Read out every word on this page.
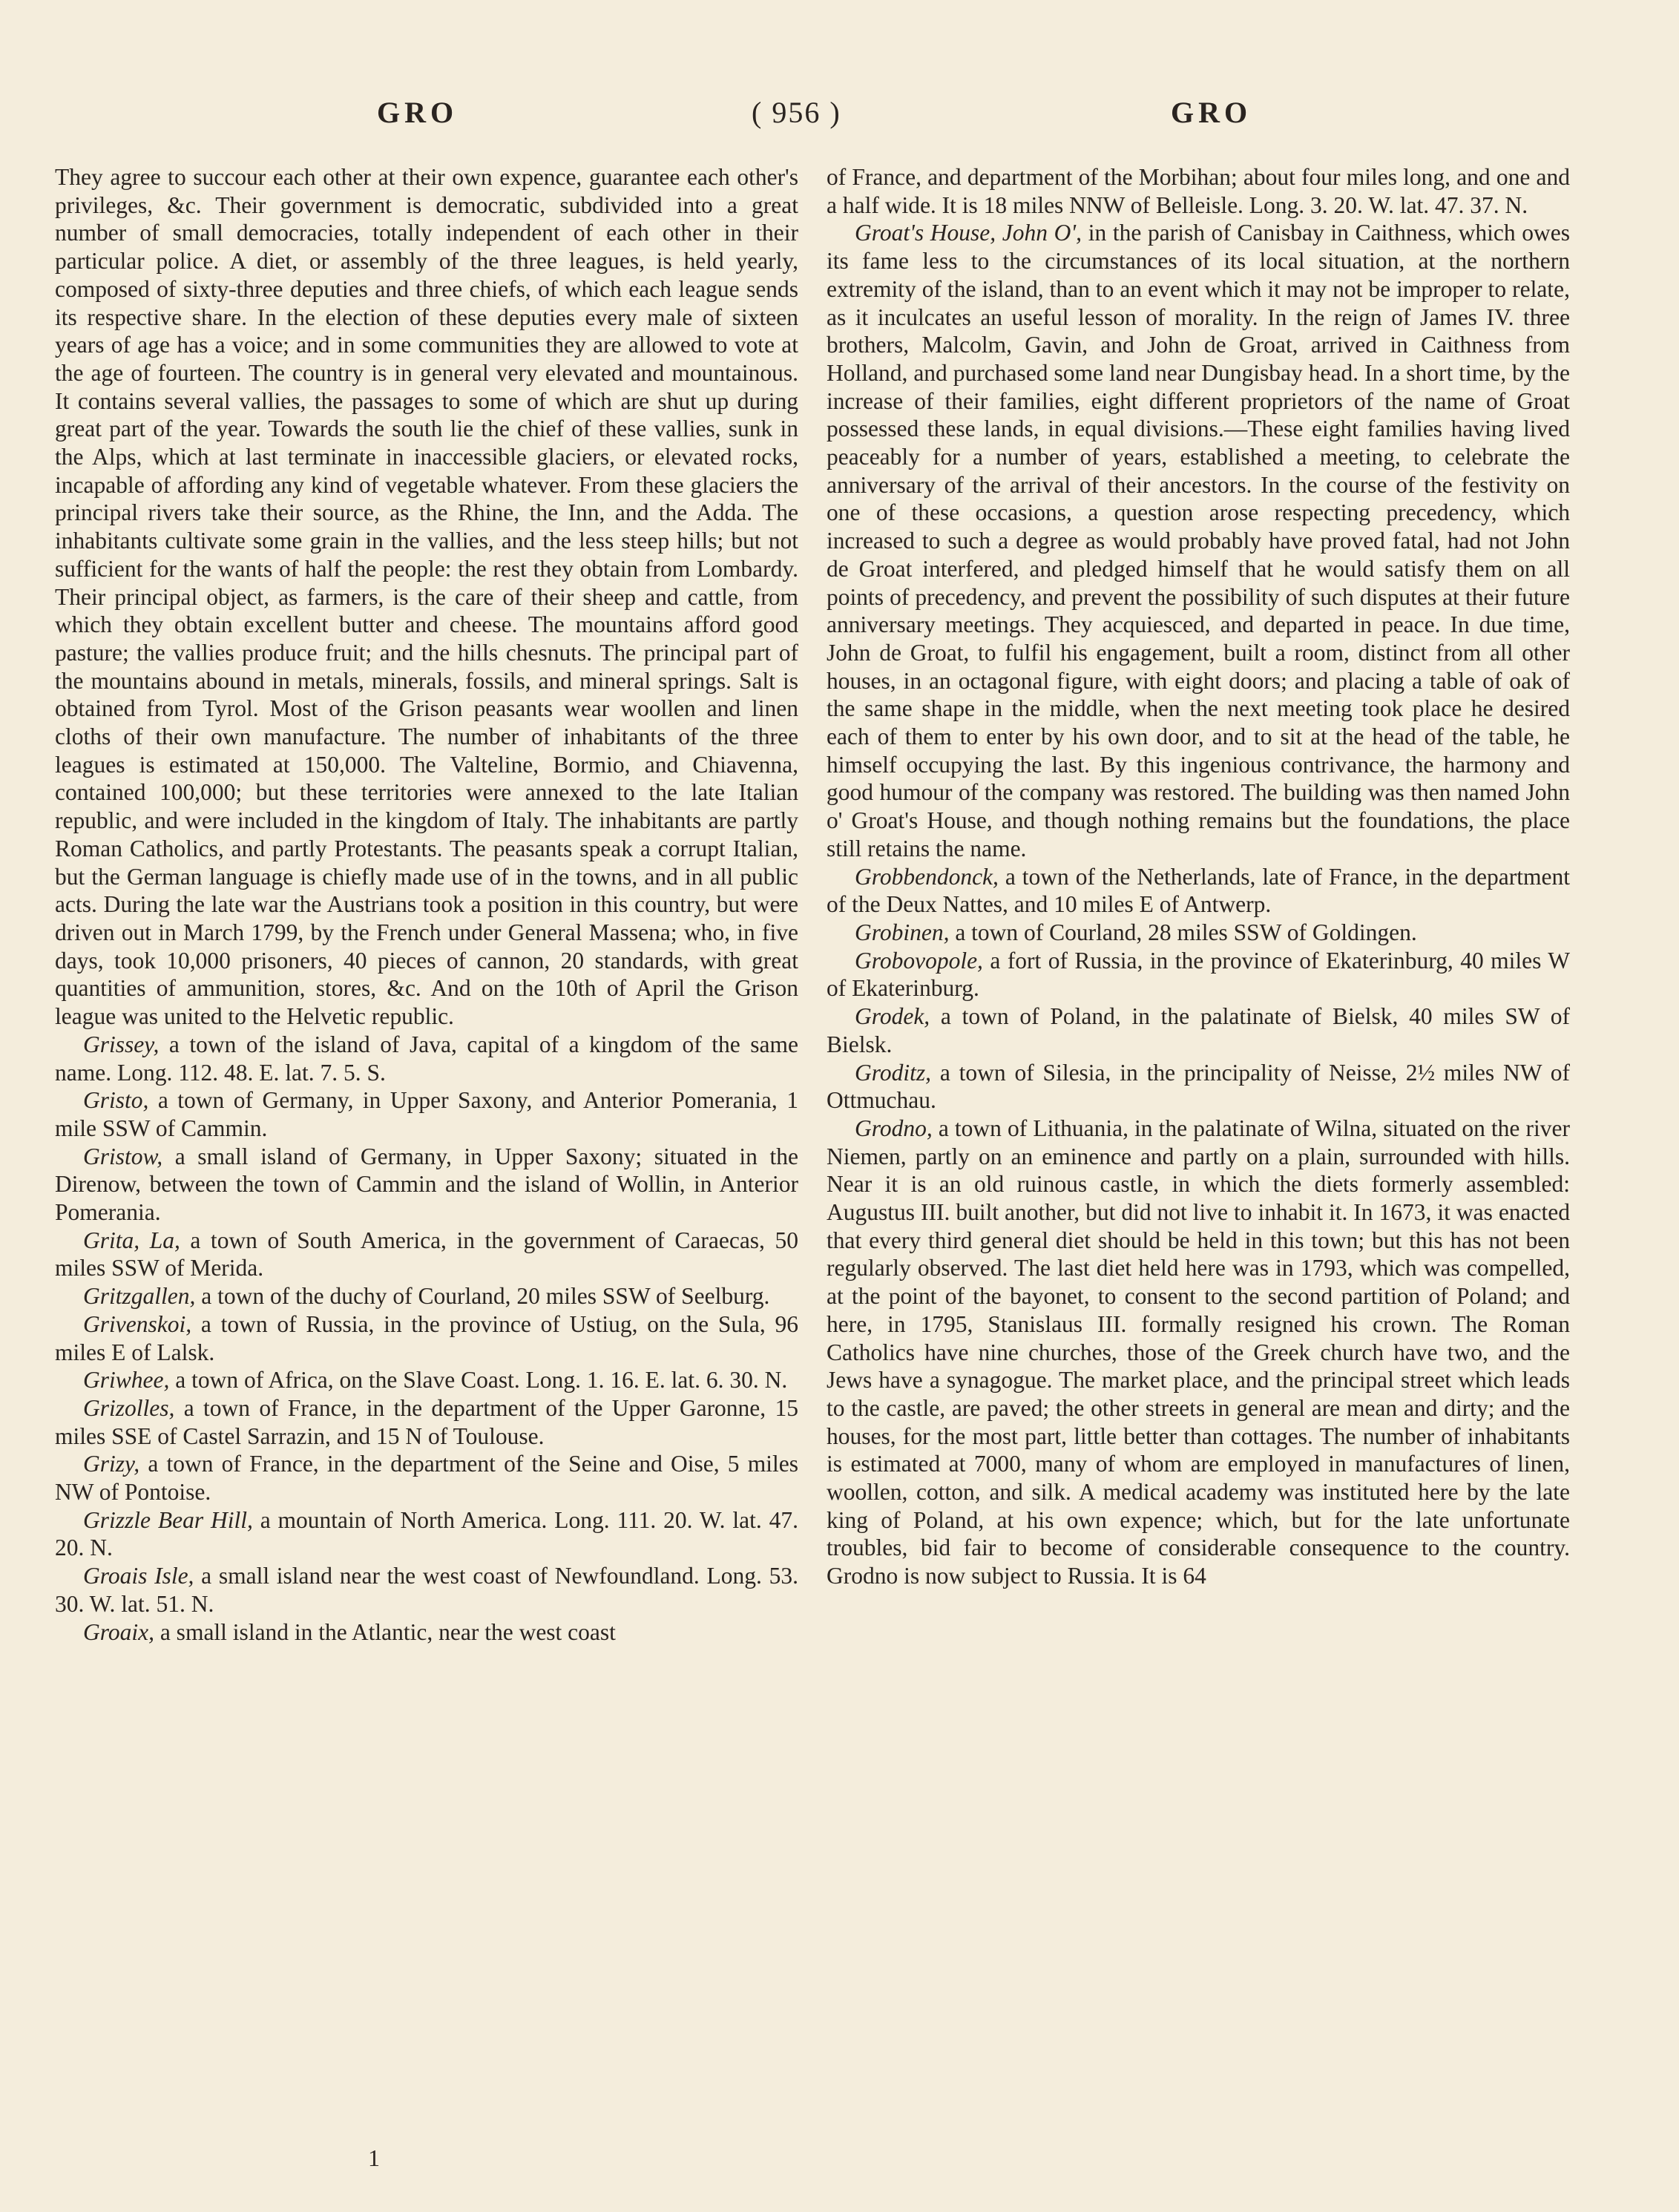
GRO	( 956 )	GRO

They agree to succour each other at their own expence, guarantee each other's privileges, &c. Their government is democratic, subdivided into a great number of small democracies, totally independent of each other in their particular police. A diet, or assembly of the three leagues, is held yearly, composed of sixty-three deputies and three chiefs, of which each league sends its respective share. In the election of these deputies every male of sixteen years of age has a voice; and in some communities they are allowed to vote at the age of fourteen. The country is in general very elevated and mountainous. It contains several vallies, the passages to some of which are shut up during great part of the year. Towards the south lie the chief of these vallies, sunk in the Alps, which at last terminate in inaccessible glaciers, or elevated rocks, incapable of affording any kind of vegetable whatever. From these glaciers the principal rivers take their source, as the Rhine, the Inn, and the Adda. The inhabitants cultivate some grain in the vallies, and the less steep hills; but not sufficient for the wants of half the people: the rest they obtain from Lombardy. Their principal object, as farmers, is the care of their sheep and cattle, from which they obtain excellent butter and cheese. The mountains afford good pasture; the vallies produce fruit; and the hills chesnuts. The principal part of the mountains abound in metals, minerals, fossils, and mineral springs. Salt is obtained from Tyrol. Most of the Grison peasants wear woollen and linen cloths of their own manufacture. The number of inhabitants of the three leagues is estimated at 150,000. The Valteline, Bormio, and Chiavenna, contained 100,000; but these territories were annexed to the late Italian republic, and were included in the kingdom of Italy. The inhabitants are partly Roman Catholics, and partly Protestants. The peasants speak a corrupt Italian, but the German language is chiefly made use of in the towns, and in all public acts. During the late war the Austrians took a position in this country, but were driven out in March 1799, by the French under General Massena; who, in five days, took 10,000 prisoners, 40 pieces of cannon, 20 standards, with great quantities of ammunition, stores, &c. And on the 10th of April the Grison league was united to the Helvetic republic.

Grissey, a town of the island of Java, capital of a kingdom of the same name. Long. 112. 48. E. lat. 7. 5. S.

Gristo, a town of Germany, in Upper Saxony, and Anterior Pomerania, 1 mile SSW of Cammin.

Gristow, a small island of Germany, in Upper Saxony; situated in the Direnow, between the town of Cammin and the island of Wollin, in Anterior Pomerania.

Grita, La, a town of South America, in the government of Caraecas, 50 miles SSW of Merida.

Gritzgallen, a town of the duchy of Courland, 20 miles SSW of Seelburg.

Grivenskoi, a town of Russia, in the province of Ustiug, on the Sula, 96 miles E of Lalsk.

Griwhee, a town of Africa, on the Slave Coast. Long. 1. 16. E. lat. 6. 30. N.

Grizolles, a town of France, in the department of the Upper Garonne, 15 miles SSE of Castel Sarrazin, and 15 N of Toulouse.

Grizy, a town of France, in the department of the Seine and Oise, 5 miles NW of Pontoise.

Grizzle Bear Hill, a mountain of North America. Long. 111. 20. W. lat. 47. 20. N.

Groais Isle, a small island near the west coast of Newfoundland. Long. 53. 30. W. lat. 51. N.

Groaix, a small island in the Atlantic, near the west coast

of France, and department of the Morbihan; about four miles long, and one and a half wide. It is 18 miles NNW of Belleisle. Long. 3. 20. W. lat. 47. 37. N.

Groat's House, John O', in the parish of Canisbay in Caithness, which owes its fame less to the circumstances of its local situation, at the northern extremity of the island, than to an event which it may not be improper to relate, as it inculcates an useful lesson of morality. In the reign of James IV. three brothers, Malcolm, Gavin, and John de Groat, arrived in Caithness from Holland, and purchased some land near Dungisbay head. In a short time, by the increase of their families, eight different proprietors of the name of Groat possessed these lands, in equal divisions.—These eight families having lived peaceably for a number of years, established a meeting, to celebrate the anniversary of the arrival of their ancestors. In the course of the festivity on one of these occasions, a question arose respecting precedency, which increased to such a degree as would probably have proved fatal, had not John de Groat interfered, and pledged himself that he would satisfy them on all points of precedency, and prevent the possibility of such disputes at their future anniversary meetings. They acquiesced, and departed in peace. In due time, John de Groat, to fulfil his engagement, built a room, distinct from all other houses, in an octagonal figure, with eight doors; and placing a table of oak of the same shape in the middle, when the next meeting took place he desired each of them to enter by his own door, and to sit at the head of the table, he himself occupying the last. By this ingenious contrivance, the harmony and good humour of the company was restored. The building was then named John o' Groat's House, and though nothing remains but the foundations, the place still retains the name.

Grobbendonck, a town of the Netherlands, late of France, in the department of the Deux Nattes, and 10 miles E of Antwerp.

Grobinen, a town of Courland, 28 miles SSW of Goldingen.

Grobovopole, a fort of Russia, in the province of Ekaterinburg, 40 miles W of Ekaterinburg.

Grodek, a town of Poland, in the palatinate of Bielsk, 40 miles SW of Bielsk.

Groditz, a town of Silesia, in the principality of Neisse, 2½ miles NW of Ottmuchau.

Grodno, a town of Lithuania, in the palatinate of Wilna, situated on the river Niemen, partly on an eminence and partly on a plain, surrounded with hills. Near it is an old ruinous castle, in which the diets formerly assembled: Augustus III. built another, but did not live to inhabit it. In 1673, it was enacted that every third general diet should be held in this town; but this has not been regularly observed. The last diet held here was in 1793, which was compelled, at the point of the bayonet, to consent to the second partition of Poland; and here, in 1795, Stanislaus III. formally resigned his crown. The Roman Catholics have nine churches, those of the Greek church have two, and the Jews have a synagogue. The market place, and the principal street which leads to the castle, are paved; the other streets in general are mean and dirty; and the houses, for the most part, little better than cottages. The number of inhabitants is estimated at 7000, many of whom are employed in manufactures of linen, woollen, cotton, and silk. A medical academy was instituted here by the late king of Poland, at his own expence; which, but for the late unfortunate troubles, bid fair to become of considerable consequence to the country. Grodno is now subject to Russia. It is 64

1
